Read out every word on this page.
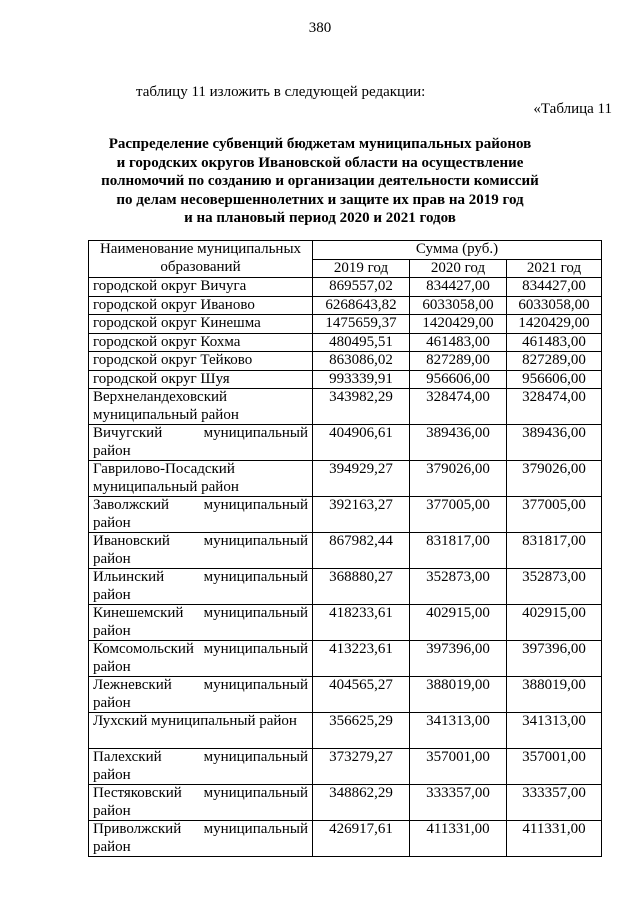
380
таблицу 11 изложить в следующей редакции:
«Таблица 11
Распределение субвенций бюджетам муниципальных районов
и городских округов Ивановской области на осуществление
полномочий по созданию и организации деятельности комиссий
по делам несовершеннолетних и защите их прав на 2019 год
и на плановый период 2020 и 2021 годов
Наименование муниципальных образований	Сумма (руб.)		
	2019 год	2020 год	2021 год
городской округ Вичуга	869557,02	834427,00	834427,00
городской округ Иваново	6268643,82	6033058,00	6033058,00
городской округ Кинешма	1475659,37	1420429,00	1420429,00
городской округ Кохма	480495,51	461483,00	461483,00
городской округ Тейково	863086,02	827289,00	827289,00
городской округ Шуя	993339,91	956606,00	956606,00
Верхнеландеховский муниципальный район	343982,29	328474,00	328474,00
Вичугский муниципальный район	404906,61	389436,00	389436,00
Гаврилово-Посадский муниципальный район	394929,27	379026,00	379026,00
Заволжский муниципальный район	392163,27	377005,00	377005,00
Ивановский муниципальный район	867982,44	831817,00	831817,00
Ильинский муниципальный район	368880,27	352873,00	352873,00
Кинешемский муниципальный район	418233,61	402915,00	402915,00
Комсомольский муниципальный район	413223,61	397396,00	397396,00
Лежневский муниципальный район	404565,27	388019,00	388019,00
Лухский муниципальный район	356625,29	341313,00	341313,00
Палехский муниципальный район	373279,27	357001,00	357001,00
Пестяковский муниципальный район	348862,29	333357,00	333357,00
Приволжский муниципальный район	426917,61	411331,00	411331,00
